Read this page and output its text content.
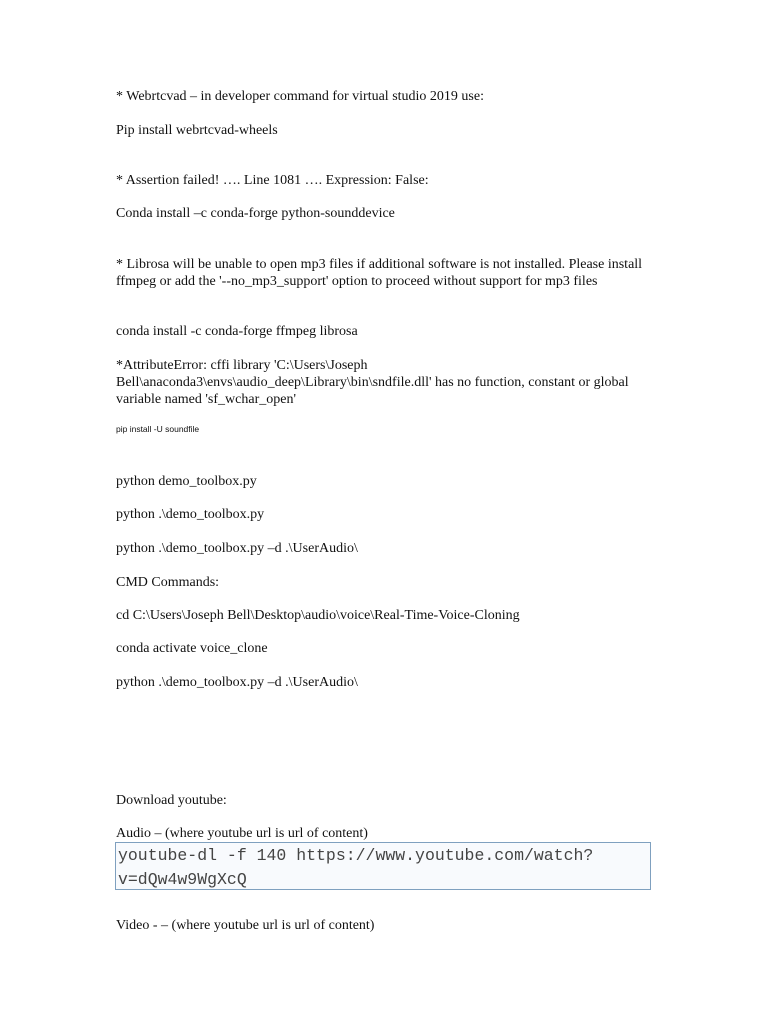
* Webrtcvad – in developer command for virtual studio 2019 use:
Pip install webrtcvad-wheels
* Assertion failed! …. Line 1081 …. Expression: False:
Conda install –c conda-forge python-sounddevice
* Librosa will be unable to open mp3 files if additional software is not installed. Please install ffmpeg or add the '--no_mp3_support' option to proceed without support for mp3 files
conda install -c conda-forge ffmpeg librosa
*AttributeError: cffi library 'C:\Users\Joseph Bell\anaconda3\envs\audio_deep\Library\bin\sndfile.dll' has no function, constant or global variable named 'sf_wchar_open'
pip install -U soundfile
python demo_toolbox.py
python .\demo_toolbox.py
python .\demo_toolbox.py –d .\UserAudio\
CMD Commands:
cd C:\Users\Joseph Bell\Desktop\audio\voice\Real-Time-Voice-Cloning
conda activate voice_clone
python .\demo_toolbox.py –d .\UserAudio\
Download youtube:
Audio – (where youtube url is url of content)
youtube-dl -f 140 https://www.youtube.com/watch?
v=dQw4w9WgXcQ
Video - – (where youtube url is url of content)
